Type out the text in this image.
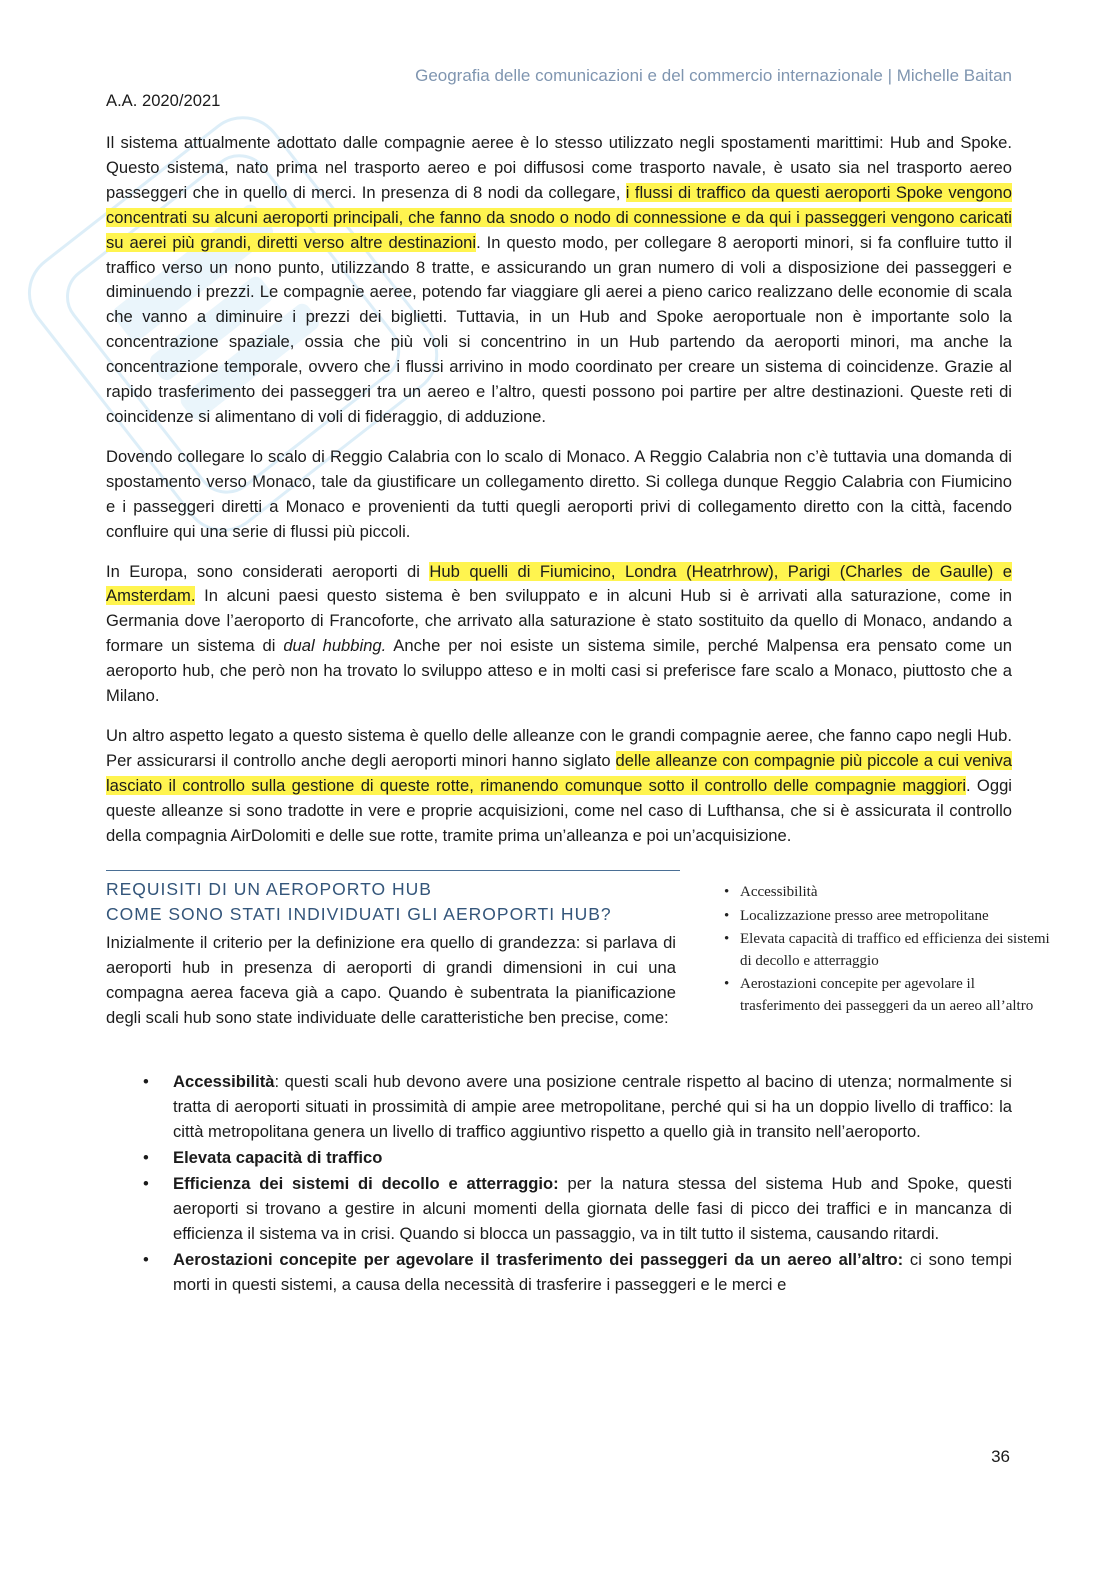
Geografia delle comunicazioni e del commercio internazionale | Michelle Baitan
A.A. 2020/2021

Il sistema attualmente adottato dalle compagnie aeree è lo stesso utilizzato negli spostamenti marittimi: Hub and Spoke. Questo sistema, nato prima nel trasporto aereo e poi diffusosi come trasporto navale, è usato sia nel trasporto aereo passeggeri che in quello di merci. In presenza di 8 nodi da collegare, i flussi di traffico da questi aeroporti Spoke vengono concentrati su alcuni aeroporti principali, che fanno da snodo o nodo di connessione e da qui i passeggeri vengono caricati su aerei più grandi, diretti verso altre destinazioni. In questo modo, per collegare 8 aeroporti minori, si fa confluire tutto il traffico verso un nono punto, utilizzando 8 tratte, e assicurando un gran numero di voli a disposizione dei passeggeri e diminuendo i prezzi. Le compagnie aeree, potendo far viaggiare gli aerei a pieno carico realizzano delle economie di scala che vanno a diminuire i prezzi dei biglietti. Tuttavia, in un Hub and Spoke aeroportuale non è importante solo la concentrazione spaziale, ossia che più voli si concentrino in un Hub partendo da aeroporti minori, ma anche la concentrazione temporale, ovvero che i flussi arrivino in modo coordinato per creare un sistema di coincidenze. Grazie al rapido trasferimento dei passeggeri tra un aereo e l’altro, questi possono poi partire per altre destinazioni. Queste reti di coincidenze si alimentano di voli di fideraggio, di adduzione.

Dovendo collegare lo scalo di Reggio Calabria con lo scalo di Monaco. A Reggio Calabria non c’è tuttavia una domanda di spostamento verso Monaco, tale da giustificare un collegamento diretto. Si collega dunque Reggio Calabria con Fiumicino e i passeggeri diretti a Monaco e provenienti da tutti quegli aeroporti privi di collegamento diretto con la città, facendo confluire qui una serie di flussi più piccoli.

In Europa, sono considerati aeroporti di Hub quelli di Fiumicino, Londra (Heatrhrow), Parigi (Charles de Gaulle) e Amsterdam. In alcuni paesi questo sistema è ben sviluppato e in alcuni Hub si è arrivati alla saturazione, come in Germania dove l’aeroporto di Francoforte, che arrivato alla saturazione è stato sostituito da quello di Monaco, andando a formare un sistema di dual hubbing. Anche per noi esiste un sistema simile, perché Malpensa era pensato come un aeroporto hub, che però non ha trovato lo sviluppo atteso e in molti casi si preferisce fare scalo a Monaco, piuttosto che a Milano.

Un altro aspetto legato a questo sistema è quello delle alleanze con le grandi compagnie aeree, che fanno capo negli Hub. Per assicurarsi il controllo anche degli aeroporti minori hanno siglato delle alleanze con compagnie più piccole a cui veniva lasciato il controllo sulla gestione di queste rotte, rimanendo comunque sotto il controllo delle compagnie maggiori. Oggi queste alleanze si sono tradotte in vere e proprie acquisizioni, come nel caso di Lufthansa, che si è assicurata il controllo della compagnia AirDolomiti e delle sue rotte, tramite prima un’alleanza e poi un’acquisizione.

REQUISITI DI UN AEROPORTO HUB
COME SONO STATI INDIVIDUATI GLI AEROPORTI HUB?

Inizialmente il criterio per la definizione era quello di grandezza: si parlava di aeroporti hub in presenza di aeroporti di grandi dimensioni in cui una compagna aerea faceva già a capo. Quando è subentrata la pianificazione degli scali hub sono state individuate delle caratteristiche ben precise, come:

• Accessibilità
• Localizzazione presso aree metropolitane
• Elevata capacità di traffico ed efficienza dei sistemi di decollo e atterraggio
• Aerostazioni concepite per agevolare il trasferimento dei passeggeri da un aereo all’altro
• Accessibilità: questi scali hub devono avere una posizione centrale rispetto al bacino di utenza; normalmente si tratta di aeroporti situati in prossimità di ampie aree metropolitane, perché qui si ha un doppio livello di traffico: la città metropolitana genera un livello di traffico aggiuntivo rispetto a quello già in transito nell’aeroporto.
• Elevata capacità di traffico
• Efficienza dei sistemi di decollo e atterraggio: per la natura stessa del sistema Hub and Spoke, questi aeroporti si trovano a gestire in alcuni momenti della giornata delle fasi di picco dei traffici e in mancanza di efficienza il sistema va in crisi. Quando si blocca un passaggio, va in tilt tutto il sistema, causando ritardi.
• Aerostazioni concepite per agevolare il trasferimento dei passeggeri da un aereo all’altro: ci sono tempi morti in questi sistemi, a causa della necessità di trasferire i passeggeri e le merci e
36
